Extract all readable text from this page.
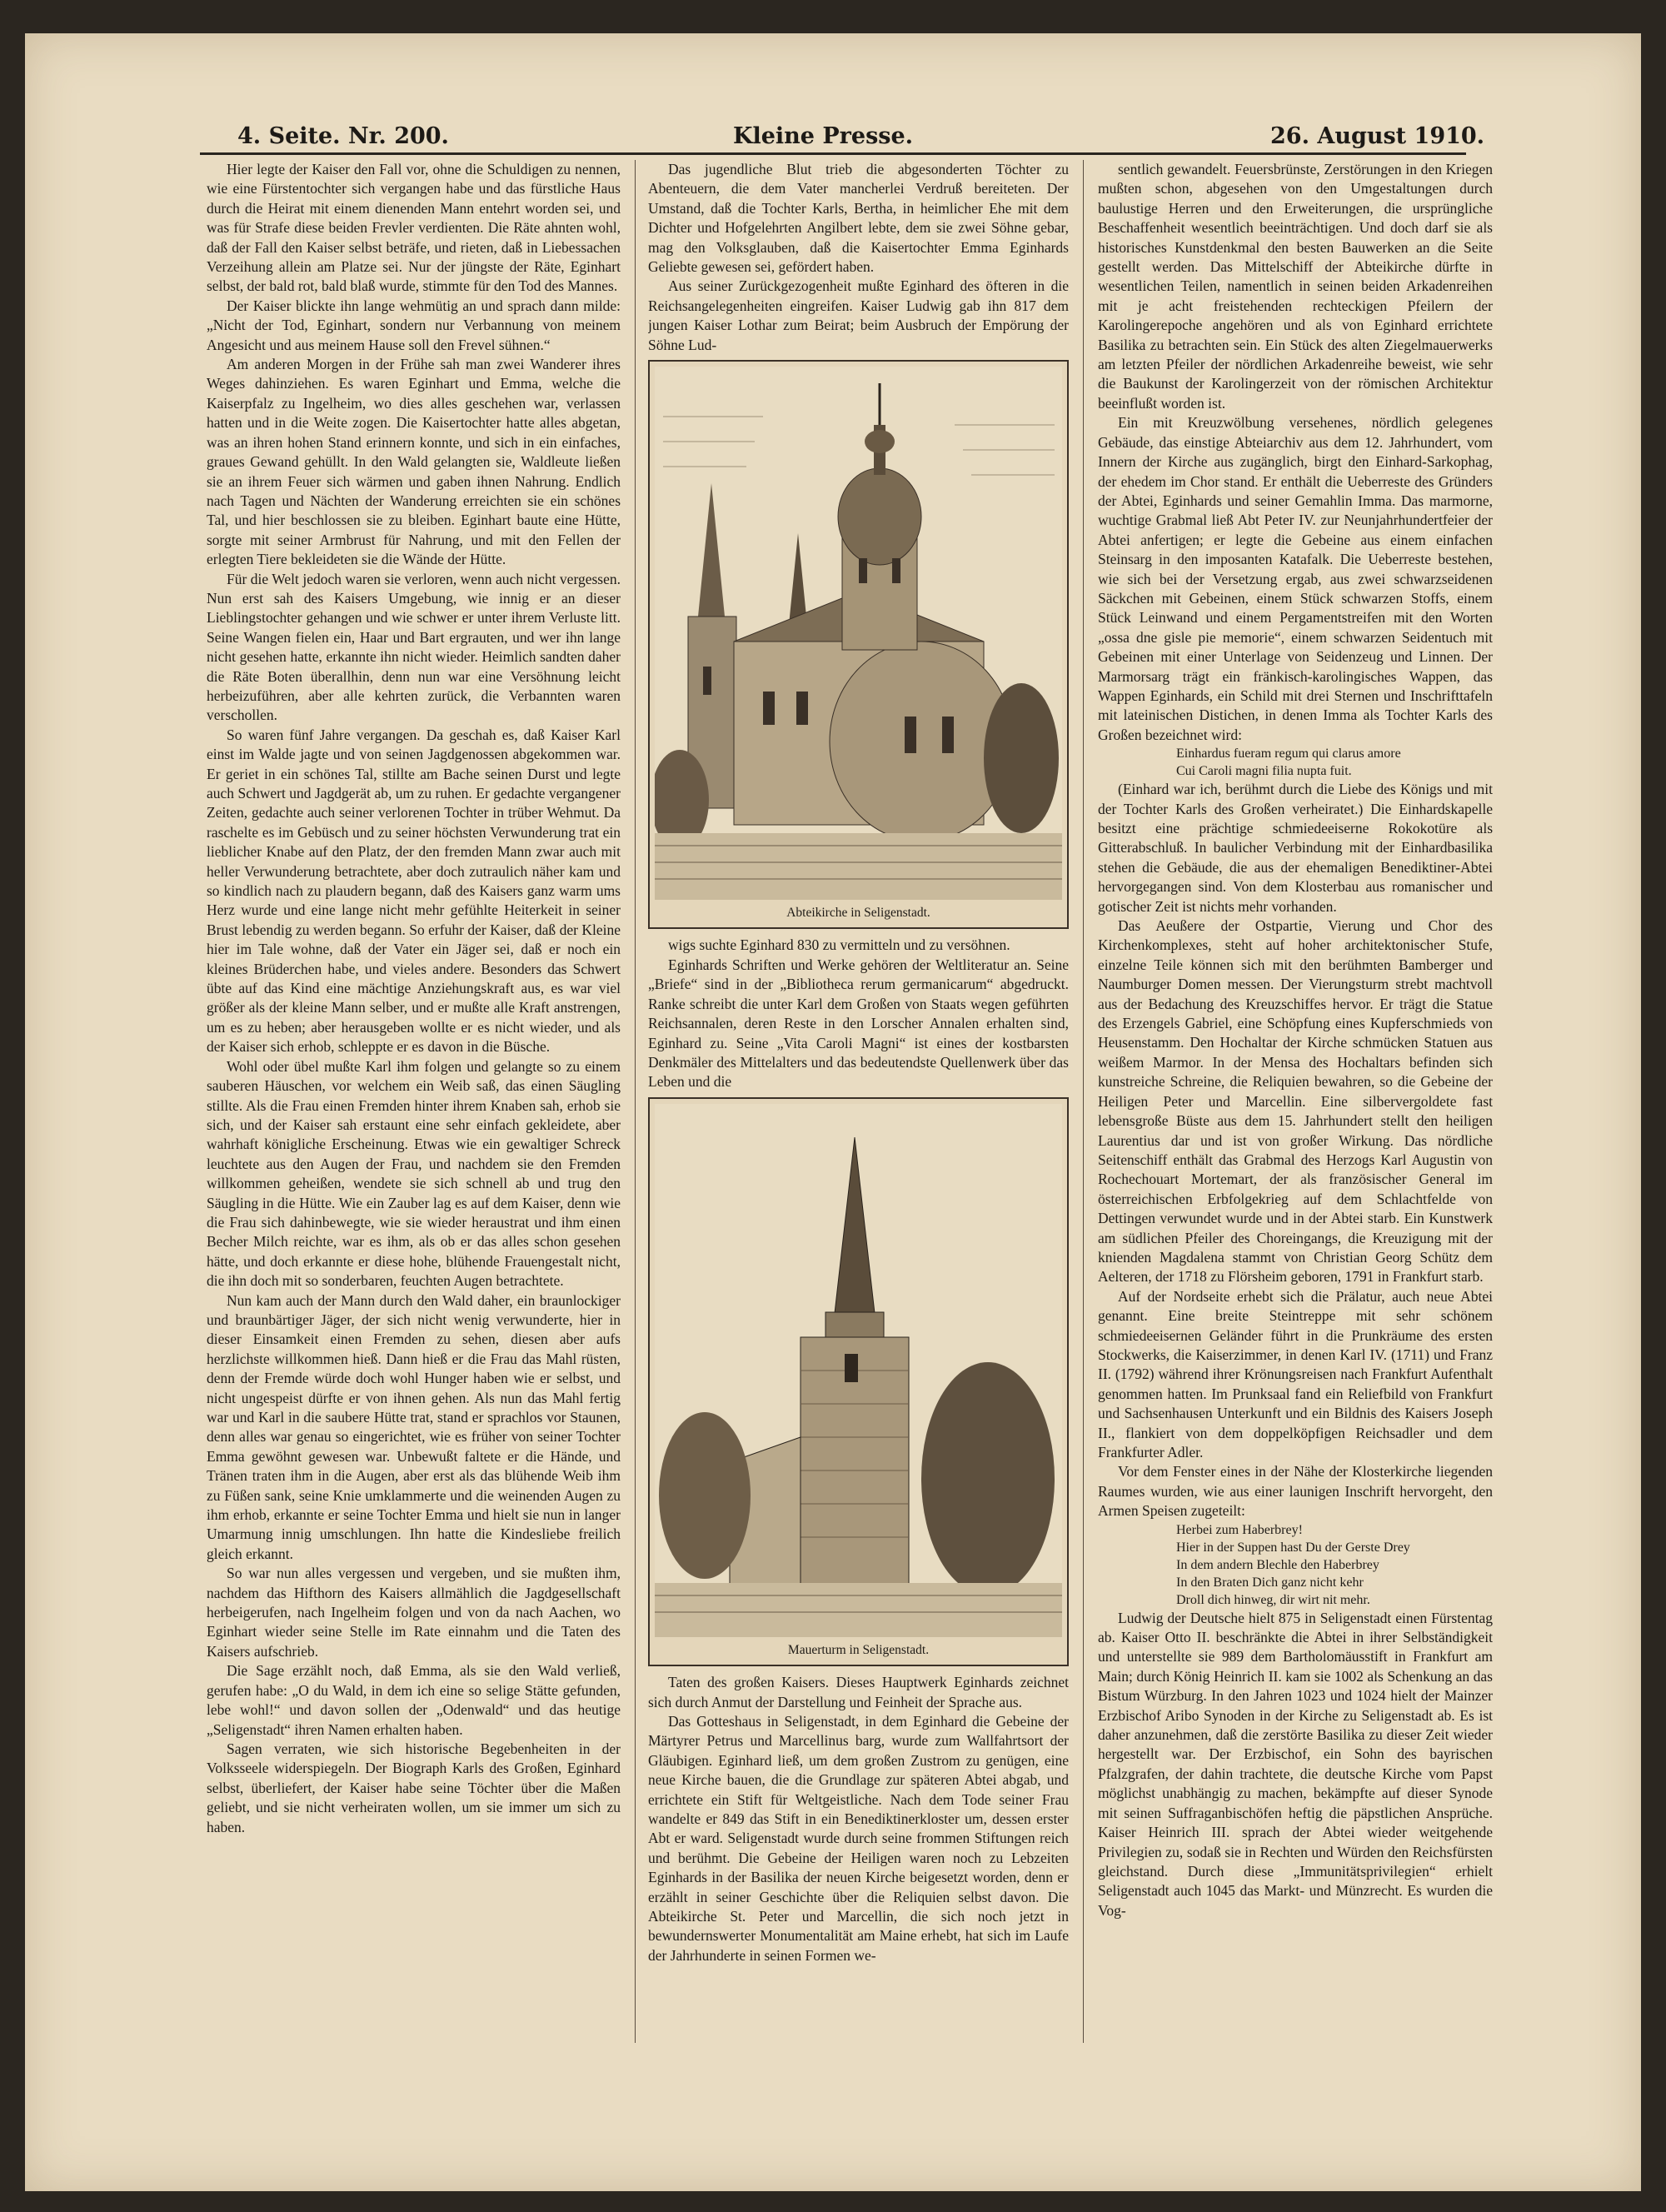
4. Seite. Nr. 200.	Kleine Presse.	26. August 1910.

Hier legte der Kaiser den Fall vor, ohne die Schuldigen zu nennen, wie eine Fürstentochter sich vergangen habe und das fürstliche Haus durch die Heirat mit einem dienenden Mann entehrt worden sei, und was für Strafe diese beiden Frevler verdienten. Die Räte ahnten wohl, daß der Fall den Kaiser selbst beträfe, und rieten, daß in Liebessachen Verzeihung allein am Platze sei. Nur der jüngste der Räte, Eginhart selbst, der bald rot, bald blaß wurde, stimmte für den Tod des Mannes.

Der Kaiser blickte ihn lange wehmütig an und sprach dann milde: „Nicht der Tod, Eginhart, sondern nur Verbannung von meinem Angesicht und aus meinem Hause soll den Frevel sühnen.“

Am anderen Morgen in der Frühe sah man zwei Wanderer ihres Weges dahinziehen. Es waren Eginhart und Emma, welche die Kaiserpfalz zu Ingelheim, wo dies alles geschehen war, verlassen hatten und in die Weite zogen. Die Kaisertochter hatte alles abgetan, was an ihren hohen Stand erinnern konnte, und sich in ein einfaches, graues Gewand gehüllt. In den Wald gelangten sie, Waldleute ließen sie an ihrem Feuer sich wärmen und gaben ihnen Nahrung. Endlich nach Tagen und Nächten der Wanderung erreichten sie ein schönes Tal, und hier beschlossen sie zu bleiben. Eginhart baute eine Hütte, sorgte mit seiner Armbrust für Nahrung, und mit den Fellen der erlegten Tiere bekleideten sie die Wände der Hütte.

Für die Welt jedoch waren sie verloren, wenn auch nicht vergessen. Nun erst sah des Kaisers Umgebung, wie innig er an dieser Lieblingstochter gehangen und wie schwer er unter ihrem Verluste litt. Seine Wangen fielen ein, Haar und Bart ergrauten, und wer ihn lange nicht gesehen hatte, erkannte ihn nicht wieder. Heimlich sandten daher die Räte Boten überallhin, denn nun war eine Versöhnung leicht herbeizuführen, aber alle kehrten zurück, die Verbannten waren verschollen.

So waren fünf Jahre vergangen. Da geschah es, daß Kaiser Karl einst im Walde jagte und von seinen Jagdgenossen abgekommen war. Er geriet in ein schönes Tal, stillte am Bache seinen Durst und legte auch Schwert und Jagdgerät ab, um zu ruhen. Er gedachte vergangener Zeiten, gedachte auch seiner verlorenen Tochter in trüber Wehmut. Da raschelte es im Gebüsch und zu seiner höchsten Verwunderung trat ein lieblicher Knabe auf den Platz, der den fremden Mann zwar auch mit heller Verwunderung betrachtete, aber doch zutraulich näher kam und so kindlich nach zu plaudern begann, daß des Kaisers ganz warm ums Herz wurde und eine lange nicht mehr gefühlte Heiterkeit in seiner Brust lebendig zu werden begann. So erfuhr der Kaiser, daß der Kleine hier im Tale wohne, daß der Vater ein Jäger sei, daß er noch ein kleines Brüderchen habe, und vieles andere. Besonders das Schwert übte auf das Kind eine mächtige Anziehungskraft aus, es war viel größer als der kleine Mann selber, und er mußte alle Kraft anstrengen, um es zu heben; aber herausgeben wollte er es nicht wieder, und als der Kaiser sich erhob, schleppte er es davon in die Büsche.

Wohl oder übel mußte Karl ihm folgen und gelangte so zu einem sauberen Häuschen, vor welchem ein Weib saß, das einen Säugling stillte. Als die Frau einen Fremden hinter ihrem Knaben sah, erhob sie sich, und der Kaiser sah erstaunt eine sehr einfach gekleidete, aber wahrhaft königliche Erscheinung. Etwas wie ein gewaltiger Schreck leuchtete aus den Augen der Frau, und nachdem sie den Fremden willkommen geheißen, wendete sie sich schnell ab und trug den Säugling in die Hütte. Wie ein Zauber lag es auf dem Kaiser, denn wie die Frau sich dahinbewegte, wie sie wieder heraustrat und ihm einen Becher Milch reichte, war es ihm, als ob er das alles schon gesehen hätte, und doch erkannte er diese hohe, blühende Frauengestalt nicht, die ihn doch mit so sonderbaren, feuchten Augen betrachtete.

Nun kam auch der Mann durch den Wald daher, ein braunlockiger und braunbärtiger Jäger, der sich nicht wenig verwunderte, hier in dieser Einsamkeit einen Fremden zu sehen, diesen aber aufs herzlichste willkommen hieß. Dann hieß er die Frau das Mahl rüsten, denn der Fremde würde doch wohl Hunger haben wie er selbst, und nicht ungespeist dürfte er von ihnen gehen. Als nun das Mahl fertig war und Karl in die saubere Hütte trat, stand er sprachlos vor Staunen, denn alles war genau so eingerichtet, wie es früher von seiner Tochter Emma gewöhnt gewesen war. Unbewußt faltete er die Hände, und Tränen traten ihm in die Augen, aber erst als das blühende Weib ihm zu Füßen sank, seine Knie umklammerte und die weinenden Augen zu ihm erhob, erkannte er seine Tochter Emma und hielt sie nun in langer Umarmung innig umschlungen. Ihn hatte die Kindesliebe freilich gleich erkannt.

So war nun alles vergessen und vergeben, und sie mußten ihm, nachdem das Hifthorn des Kaisers allmählich die Jagdgesellschaft herbeigerufen, nach Ingelheim folgen und von da nach Aachen, wo Eginhart wieder seine Stelle im Rate einnahm und die Taten des Kaisers aufschrieb.

Die Sage erzählt noch, daß Emma, als sie den Wald verließ, gerufen habe: „O du Wald, in dem ich eine so selige Stätte gefunden, lebe wohl!“ und davon sollen der „Odenwald“ und das heutige „Seligenstadt“ ihren Namen erhalten haben.

Sagen verraten, wie sich historische Begebenheiten in der Volksseele widerspiegeln. Der Biograph Karls des Großen, Eginhard selbst, überliefert, der Kaiser habe seine Töchter über die Maßen geliebt, und sie nicht verheiraten wollen, um sie immer um sich zu haben.

Das jugendliche Blut trieb die abgesonderten Töchter zu Abenteuern, die dem Vater mancherlei Verdruß bereiteten. Der Umstand, daß die Tochter Karls, Bertha, in heimlicher Ehe mit dem Dichter und Hofgelehrten Angilbert lebte, dem sie zwei Söhne gebar, mag den Volksglauben, daß die Kaisertochter Emma Eginhards Geliebte gewesen sei, gefördert haben.

Aus seiner Zurückgezogenheit mußte Eginhard des öfteren in die Reichsangelegenheiten eingreifen. Kaiser Ludwig gab ihn 817 dem jungen Kaiser Lothar zum Beirat; beim Ausbruch der Empörung der Söhne Lud-

Abteikirche in Seligenstadt.

wigs suchte Eginhard 830 zu vermitteln und zu versöhnen.

Eginhards Schriften und Werke gehören der Weltliteratur an. Seine „Briefe“ sind in der „Bibliotheca rerum germanicarum“ abgedruckt. Ranke schreibt die unter Karl dem Großen von Staats wegen geführten Reichsannalen, deren Reste in den Lorscher Annalen erhalten sind, Eginhard zu. Seine „Vita Caroli Magni“ ist eines der kostbarsten Denkmäler des Mittelalters und das bedeutendste Quellenwerk über das Leben und die

Mauerturm in Seligenstadt.

Taten des großen Kaisers. Dieses Hauptwerk Eginhards zeichnet sich durch Anmut der Darstellung und Feinheit der Sprache aus.

Das Gotteshaus in Seligenstadt, in dem Eginhard die Gebeine der Märtyrer Petrus und Marcellinus barg, wurde zum Wallfahrtsort der Gläubigen. Eginhard ließ, um dem großen Zustrom zu genügen, eine neue Kirche bauen, die die Grundlage zur späteren Abtei abgab, und errichtete ein Stift für Weltgeistliche. Nach dem Tode seiner Frau wandelte er 849 das Stift in ein Benediktinerkloster um, dessen erster Abt er ward. Seligenstadt wurde durch seine frommen Stiftungen reich und berühmt. Die Gebeine der Heiligen waren noch zu Lebzeiten Eginhards in der Basilika der neuen Kirche beigesetzt worden, denn er erzählt in seiner Geschichte über die Reliquien selbst davon. Die Abteikirche St. Peter und Marcellin, die sich noch jetzt in bewundernswerter Monumentalität am Maine erhebt, hat sich im Laufe der Jahrhunderte in seinen Formen we-

sentlich gewandelt. Feuersbrünste, Zerstörungen in den Kriegen mußten schon, abgesehen von den Umgestaltungen durch baulustige Herren und den Erweiterungen, die ursprüngliche Beschaffenheit wesentlich beeinträchtigen. Und doch darf sie als historisches Kunstdenkmal den besten Bauwerken an die Seite gestellt werden. Das Mittelschiff der Abteikirche dürfte in wesentlichen Teilen, namentlich in seinen beiden Arkadenreihen mit je acht freistehenden rechteckigen Pfeilern der Karolingerepoche angehören und als von Eginhard errichtete Basilika zu betrachten sein. Ein Stück des alten Ziegelmauerwerks am letzten Pfeiler der nördlichen Arkadenreihe beweist, wie sehr die Baukunst der Karolingerzeit von der römischen Architektur beeinflußt worden ist.

Ein mit Kreuzwölbung versehenes, nördlich gelegenes Gebäude, das einstige Abteiarchiv aus dem 12. Jahrhundert, vom Innern der Kirche aus zugänglich, birgt den Einhard-Sarkophag, der ehedem im Chor stand. Er enthält die Ueberreste des Gründers der Abtei, Eginhards und seiner Gemahlin Imma. Das marmorne, wuchtige Grabmal ließ Abt Peter IV. zur Neunjahrhundertfeier der Abtei anfertigen; er legte die Gebeine aus einem einfachen Steinsarg in den imposanten Katafalk. Die Ueberreste bestehen, wie sich bei der Versetzung ergab, aus zwei schwarzseidenen Säckchen mit Gebeinen, einem Stück schwarzen Stoffs, einem Stück Leinwand und einem Pergamentstreifen mit den Worten „ossa dne gisle pie memorie“, einem schwarzen Seidentuch mit Gebeinen mit einer Unterlage von Seidenzeug und Linnen. Der Marmorsarg trägt ein fränkisch-karolingisches Wappen, das Wappen Eginhards, ein Schild mit drei Sternen und Inschrifttafeln mit lateinischen Distichen, in denen Imma als Tochter Karls des Großen bezeichnet wird:

Einhardus fueram regum qui clarus amore

Cui Caroli magni filia nupta fuit.

(Einhard war ich, berühmt durch die Liebe des Königs und mit der Tochter Karls des Großen verheiratet.) Die Einhardskapelle besitzt eine prächtige schmiedeeiserne Rokokotüre als Gitterabschluß. In baulicher Verbindung mit der Einhardbasilika stehen die Gebäude, die aus der ehemaligen Benediktiner-Abtei hervorgegangen sind. Von dem Klosterbau aus romanischer und gotischer Zeit ist nichts mehr vorhanden.

Das Aeußere der Ostpartie, Vierung und Chor des Kirchenkomplexes, steht auf hoher architektonischer Stufe, einzelne Teile können sich mit den berühmten Bamberger und Naumburger Domen messen. Der Vierungsturm strebt machtvoll aus der Bedachung des Kreuzschiffes hervor. Er trägt die Statue des Erzengels Gabriel, eine Schöpfung eines Kupferschmieds von Heusenstamm. Den Hochaltar der Kirche schmücken Statuen aus weißem Marmor. In der Mensa des Hochaltars befinden sich kunstreiche Schreine, die Reliquien bewahren, so die Gebeine der Heiligen Peter und Marcellin. Eine silbervergoldete fast lebensgroße Büste aus dem 15. Jahrhundert stellt den heiligen Laurentius dar und ist von großer Wirkung. Das nördliche Seitenschiff enthält das Grabmal des Herzogs Karl Augustin von Rochechouart Mortemart, der als französischer General im österreichischen Erbfolgekrieg auf dem Schlachtfelde von Dettingen verwundet wurde und in der Abtei starb. Ein Kunstwerk am südlichen Pfeiler des Choreingangs, die Kreuzigung mit der knienden Magdalena stammt von Christian Georg Schütz dem Aelteren, der 1718 zu Flörsheim geboren, 1791 in Frankfurt starb.

Auf der Nordseite erhebt sich die Prälatur, auch neue Abtei genannt. Eine breite Steintreppe mit sehr schönem schmiedeeisernen Geländer führt in die Prunkräume des ersten Stockwerks, die Kaiserzimmer, in denen Karl IV. (1711) und Franz II. (1792) während ihrer Krönungsreisen nach Frankfurt Aufenthalt genommen hatten. Im Prunksaal fand ein Reliefbild von Frankfurt und Sachsenhausen Unterkunft und ein Bildnis des Kaisers Joseph II., flankiert von dem doppelköpfigen Reichsadler und dem Frankfurter Adler.

Vor dem Fenster eines in der Nähe der Klosterkirche liegenden Raumes wurden, wie aus einer launigen Inschrift hervorgeht, den Armen Speisen zugeteilt:

Herbei zum Haberbrey!

Hier in der Suppen hast Du der Gerste Drey

In dem andern Blechle den Haberbrey

In den Braten Dich ganz nicht kehr

Droll dich hinweg, dir wirt nit mehr.

Ludwig der Deutsche hielt 875 in Seligenstadt einen Fürstentag ab. Kaiser Otto II. beschränkte die Abtei in ihrer Selbständigkeit und unterstellte sie 989 dem Bartholomäusstift in Frankfurt am Main; durch König Heinrich II. kam sie 1002 als Schenkung an das Bistum Würzburg. In den Jahren 1023 und 1024 hielt der Mainzer Erzbischof Aribo Synoden in der Kirche zu Seligenstadt ab. Es ist daher anzunehmen, daß die zerstörte Basilika zu dieser Zeit wieder hergestellt war. Der Erzbischof, ein Sohn des bayrischen Pfalzgrafen, der dahin trachtete, die deutsche Kirche vom Papst möglichst unabhängig zu machen, bekämpfte auf dieser Synode mit seinen Suffraganbischöfen heftig die päpstlichen Ansprüche. Kaiser Heinrich III. sprach der Abtei wieder weitgehende Privilegien zu, sodaß sie in Rechten und Würden den Reichsfürsten gleichstand. Durch diese „Immunitätsprivilegien“ erhielt Seligenstadt auch 1045 das Markt- und Münzrecht. Es wurden die Vog-
